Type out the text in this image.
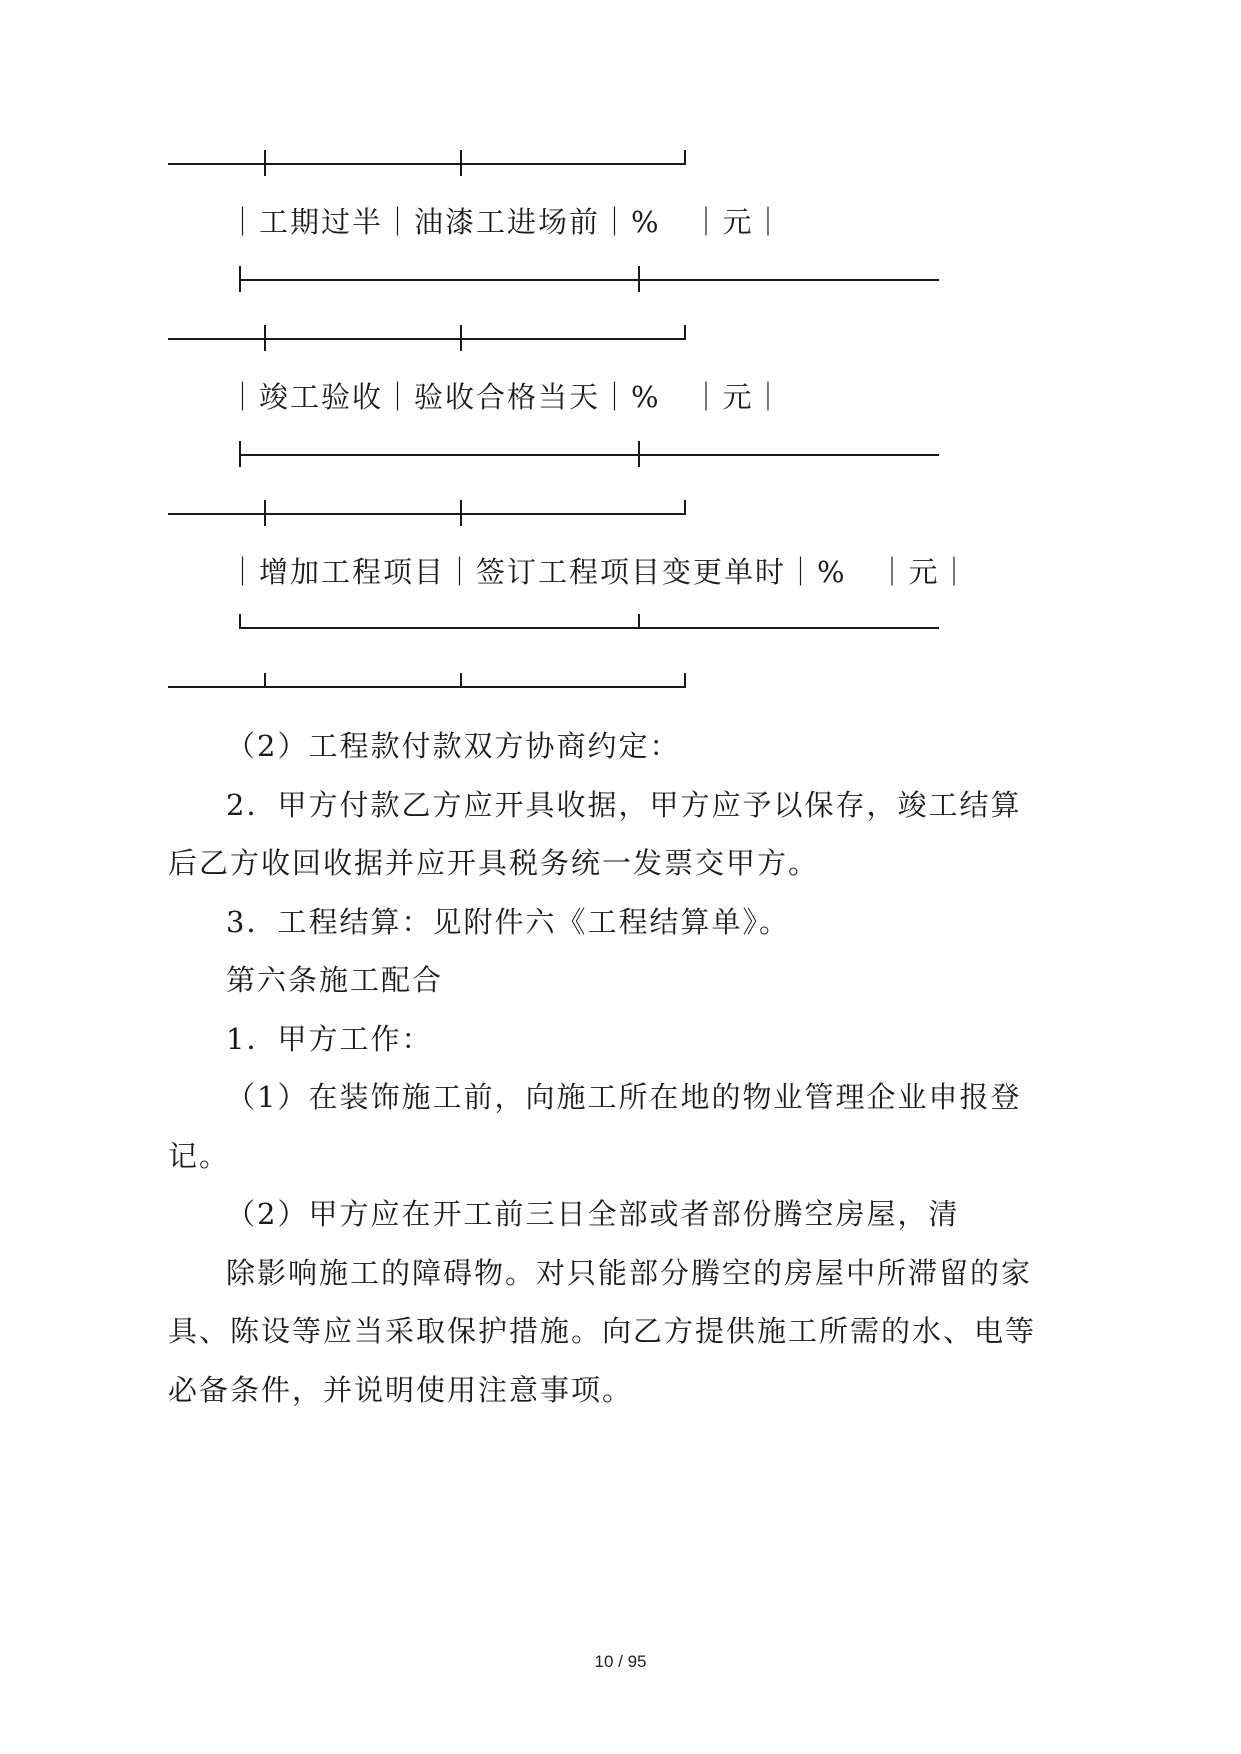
｜工期过半｜油漆工进场前｜%　｜元｜
｜竣工验收｜验收合格当天｜%　｜元｜
｜增加工程项目｜签订工程项目变更单时｜%　｜元｜
（2）工程款付款双方协商约定：
2．甲方付款乙方应开具收据，甲方应予以保存，竣工结算
后乙方收回收据并应开具税务统一发票交甲方。
3．工程结算：见附件六《工程结算单》。
第六条施工配合
1．甲方工作：
（1）在装饰施工前，向施工所在地的物业管理企业申报登
记。
（2）甲方应在开工前三日全部或者部份腾空房屋，清
除影响施工的障碍物。对只能部分腾空的房屋中所滞留的家
具、陈设等应当采取保护措施。向乙方提供施工所需的水、电等
必备条件，并说明使用注意事项。
10 / 95
